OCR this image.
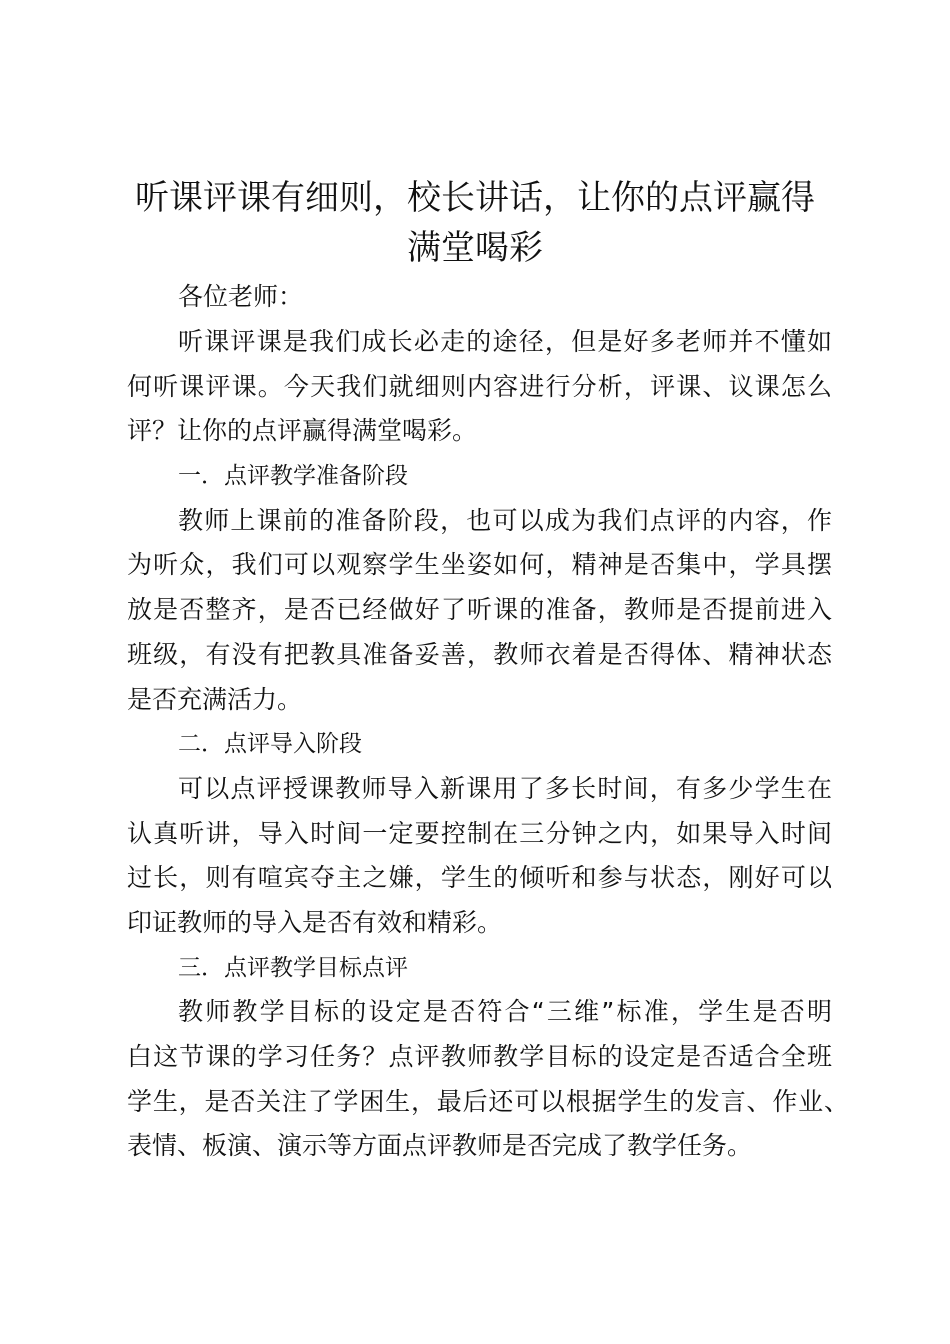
听课评课有细则，校长讲话，让你的点评赢得
满堂喝彩
各位老师：
听课评课是我们成长必走的途径，但是好多老师并不懂如
何听课评课。今天我们就细则内容进行分析，评课、议课怎么
评？让你的点评赢得满堂喝彩。
一．点评教学准备阶段
教师上课前的准备阶段，也可以成为我们点评的内容，作
为听众，我们可以观察学生坐姿如何，精神是否集中，学具摆
放是否整齐，是否已经做好了听课的准备，教师是否提前进入
班级，有没有把教具准备妥善，教师衣着是否得体、精神状态
是否充满活力。
二．点评导入阶段
可以点评授课教师导入新课用了多长时间，有多少学生在
认真听讲，导入时间一定要控制在三分钟之内，如果导入时间
过长，则有喧宾夺主之嫌，学生的倾听和参与状态，刚好可以
印证教师的导入是否有效和精彩。
三．点评教学目标点评
教师教学目标的设定是否符合“三维”标准，学生是否明
白这节课的学习任务？点评教师教学目标的设定是否适合全班
学生，是否关注了学困生，最后还可以根据学生的发言、作业、
表情、板演、演示等方面点评教师是否完成了教学任务。
